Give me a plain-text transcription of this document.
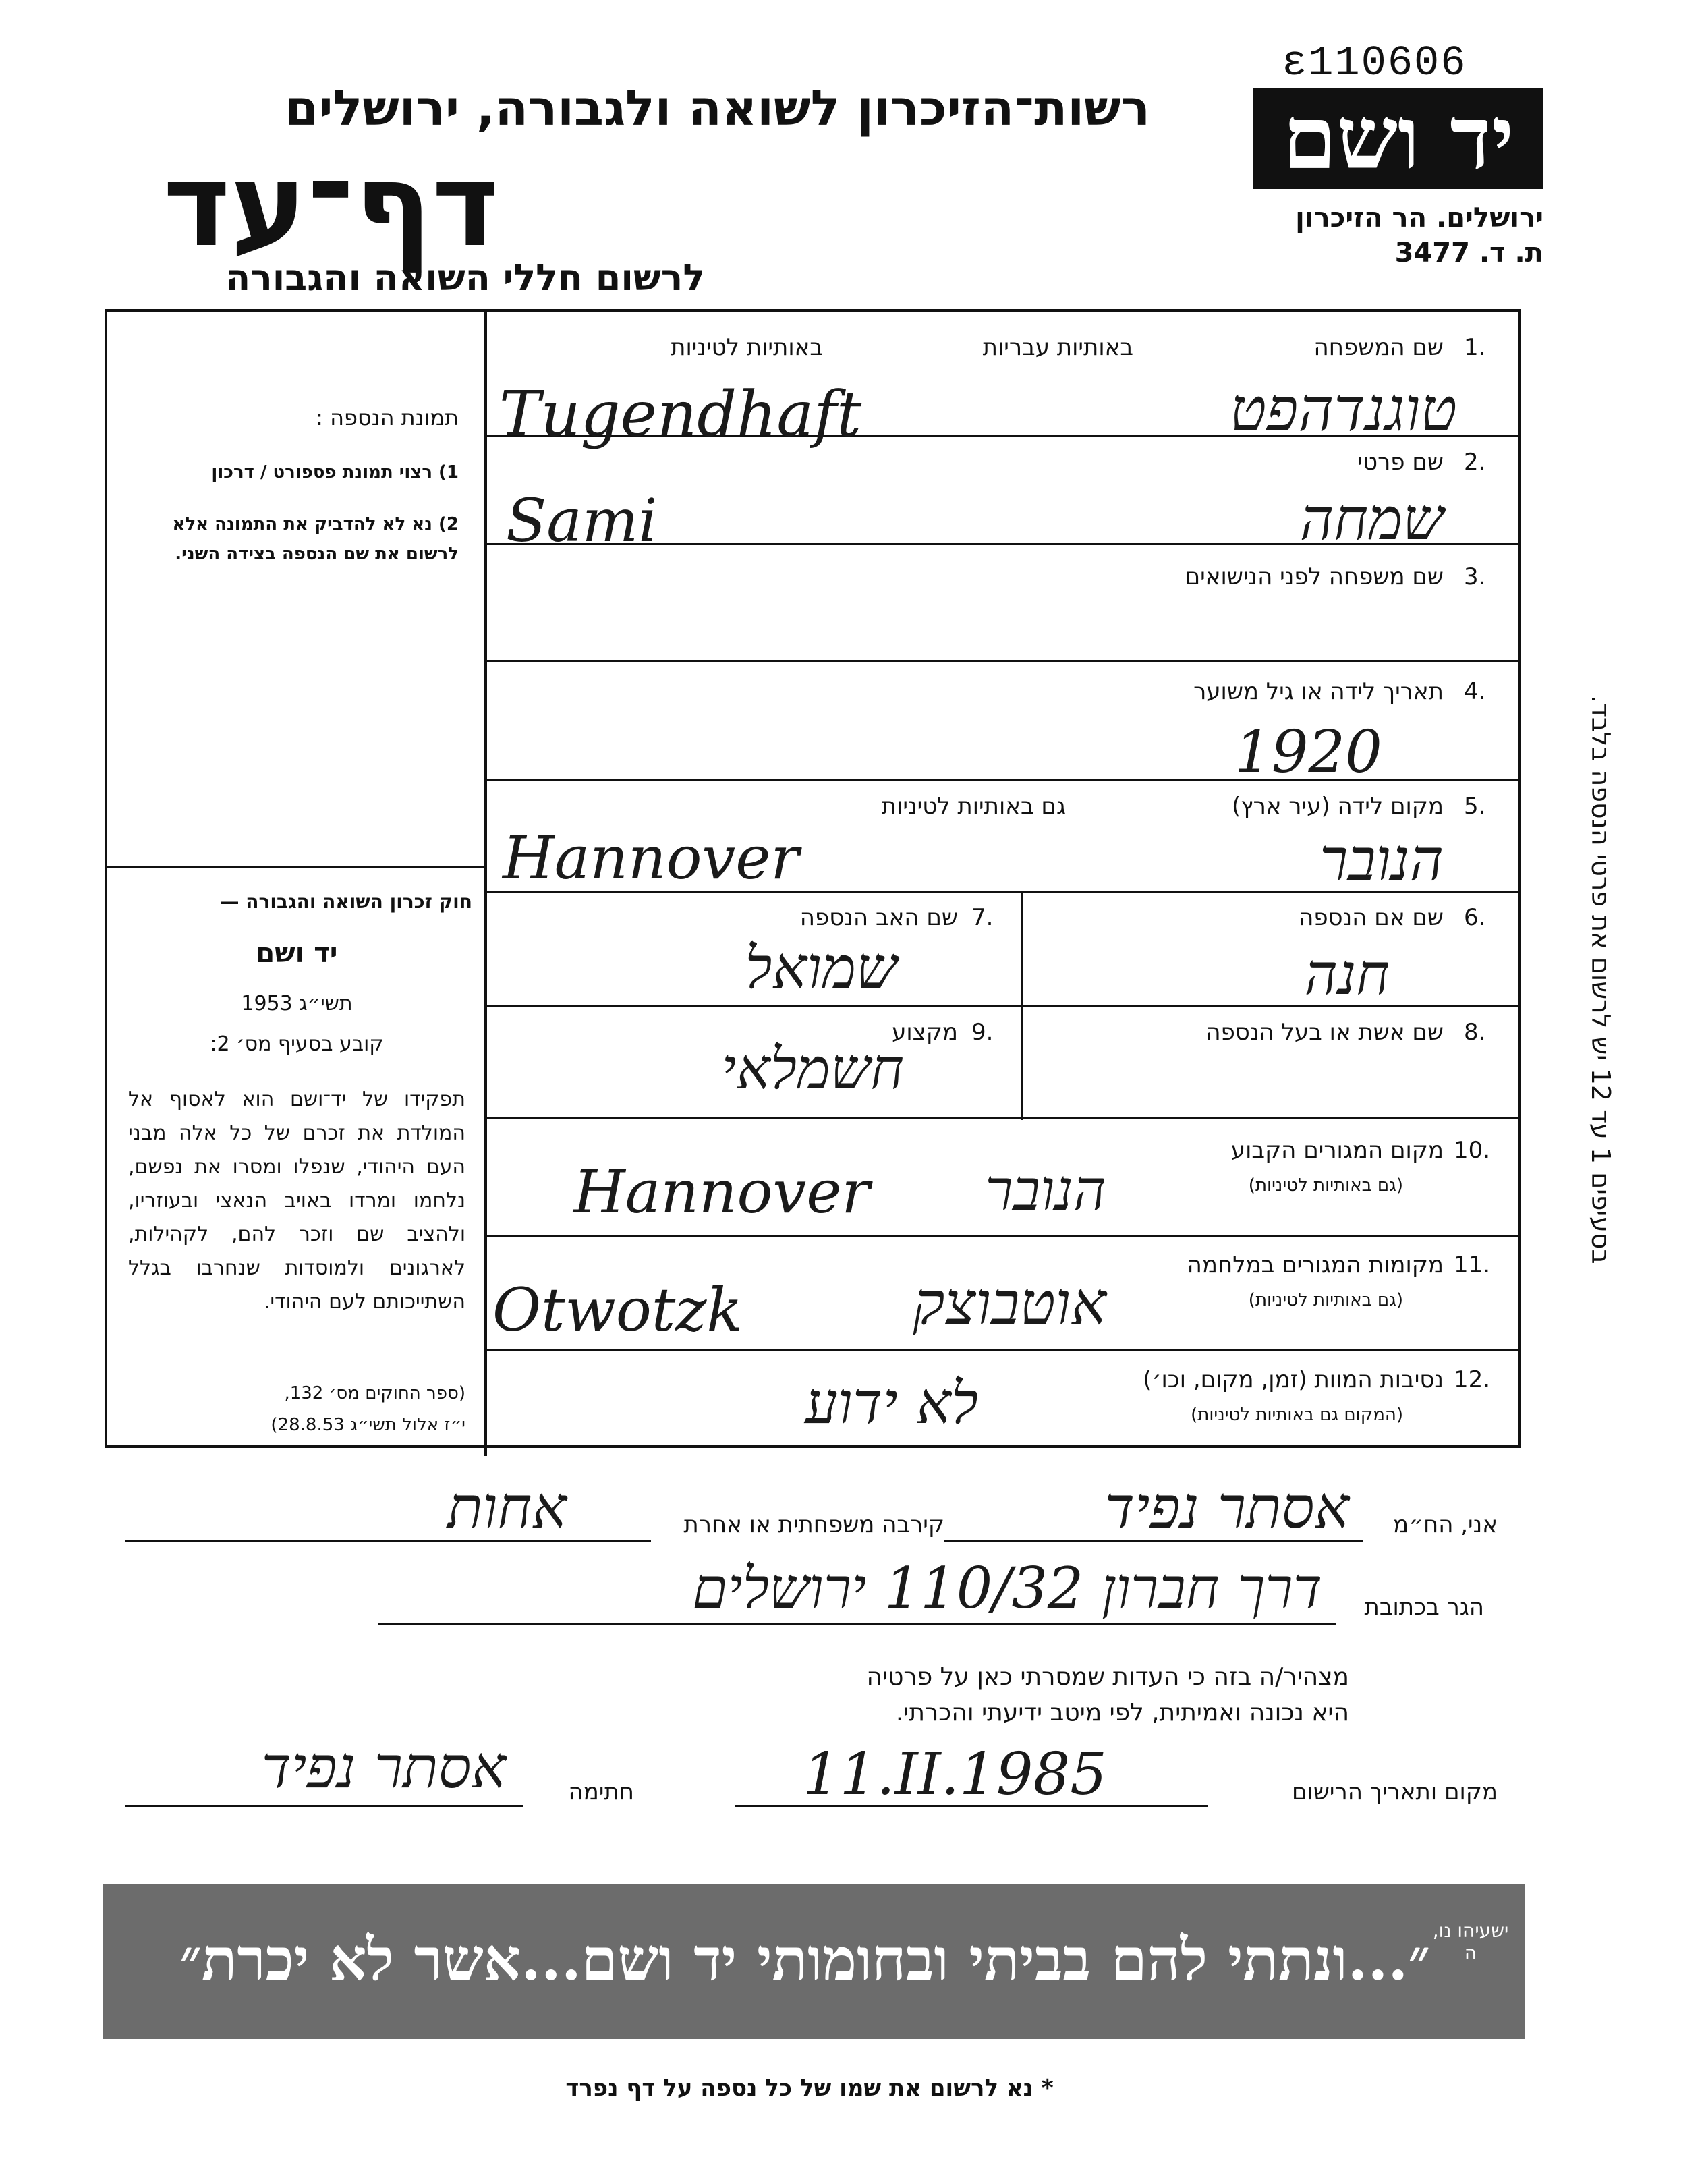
ε110606
יד ושם
ירושלים. הר הזיכרון
ת. ד. 3477
רשות־הזיכרון לשואה ולגבורה, ירושלים
דף־עד
לרשום חללי השואה והגבורה
1.
שם המשפחה
באותיות עבריות
באותיות לטיניות
Tugendhaft	טוגנדהפט
2.
שם פרטי
Sami	שמחה
3.
שם משפחה לפני הנישואים
4.
תאריך לידה או גיל משוער
1920
5.
מקום לידה (עיר ארץ)
גם באותיות לטיניות
Hannover	הנובר
6.
שם אם הנספה
חנה
7.
שם האב הנספה
שמואל
8.
שם אשת או בעל הנספה
9.
מקצוע
חשמלאי
10.
מקום המגורים הקבוע
(גם באותיות לטיניות)
Hannover	הנובר
11.
מקומות המגורים במלחמה
(גם באותיות לטיניות)
Otwotzk	אוטבוצק
12.
נסיבות המוות (זמן, מקום, וכו׳)
(המקום גם באותיות לטיניות)
לא ידוע
תמונת הנספה :
1) רצוי תמונת פספורט / דרכון
2) נא לא להדביק את התמונה אלא לרשום את שם הנספה בצידה השני.
חוק זכרון השואה והגבורה —
יד ושם
תשי״ג 1953
קובע בסעיף מס׳ 2:
תפקידו של יד־ושם הוא לאסוף אל המולדת את זכרם של כל אלה מבני העם היהודי, שנפלו ומסרו את נפשם, נלחמו ומרדו באויב הנאצי ובעוזריו, ולהציב שם וזכר להם, לקהילות, לארגונים ולמוסדות שנחרבו בגלל השתייכותם לעם היהודי.
(ספר החוקים מס׳ 132,
י״ז אלול תשי״ג 28.8.53)
אני, הח״מ
אסתר נפיד
קירבה משפחתית או אחרת
אחות
הגר בכתובת
דרך חברון 110/32 ירושלים
מצהיר/ה בזה כי העדות שמסרתי כאן על פרטיה
היא נכונה ואמיתית, לפי מיטב ידיעתי והכרתי.
מקום ותאריך הרישום
11.II.1985
חתימה
אסתר נפיד
״...ונתתי להם בביתי ובחומותי יד ושם...אשר לא יכרת״ ישעיהו נו, ה
* נא לרשום את שמו של כל נספה על דף נפרד
בסעיפים 1 עד 12 יש לרשום את פרטי הנספה בלבד.
